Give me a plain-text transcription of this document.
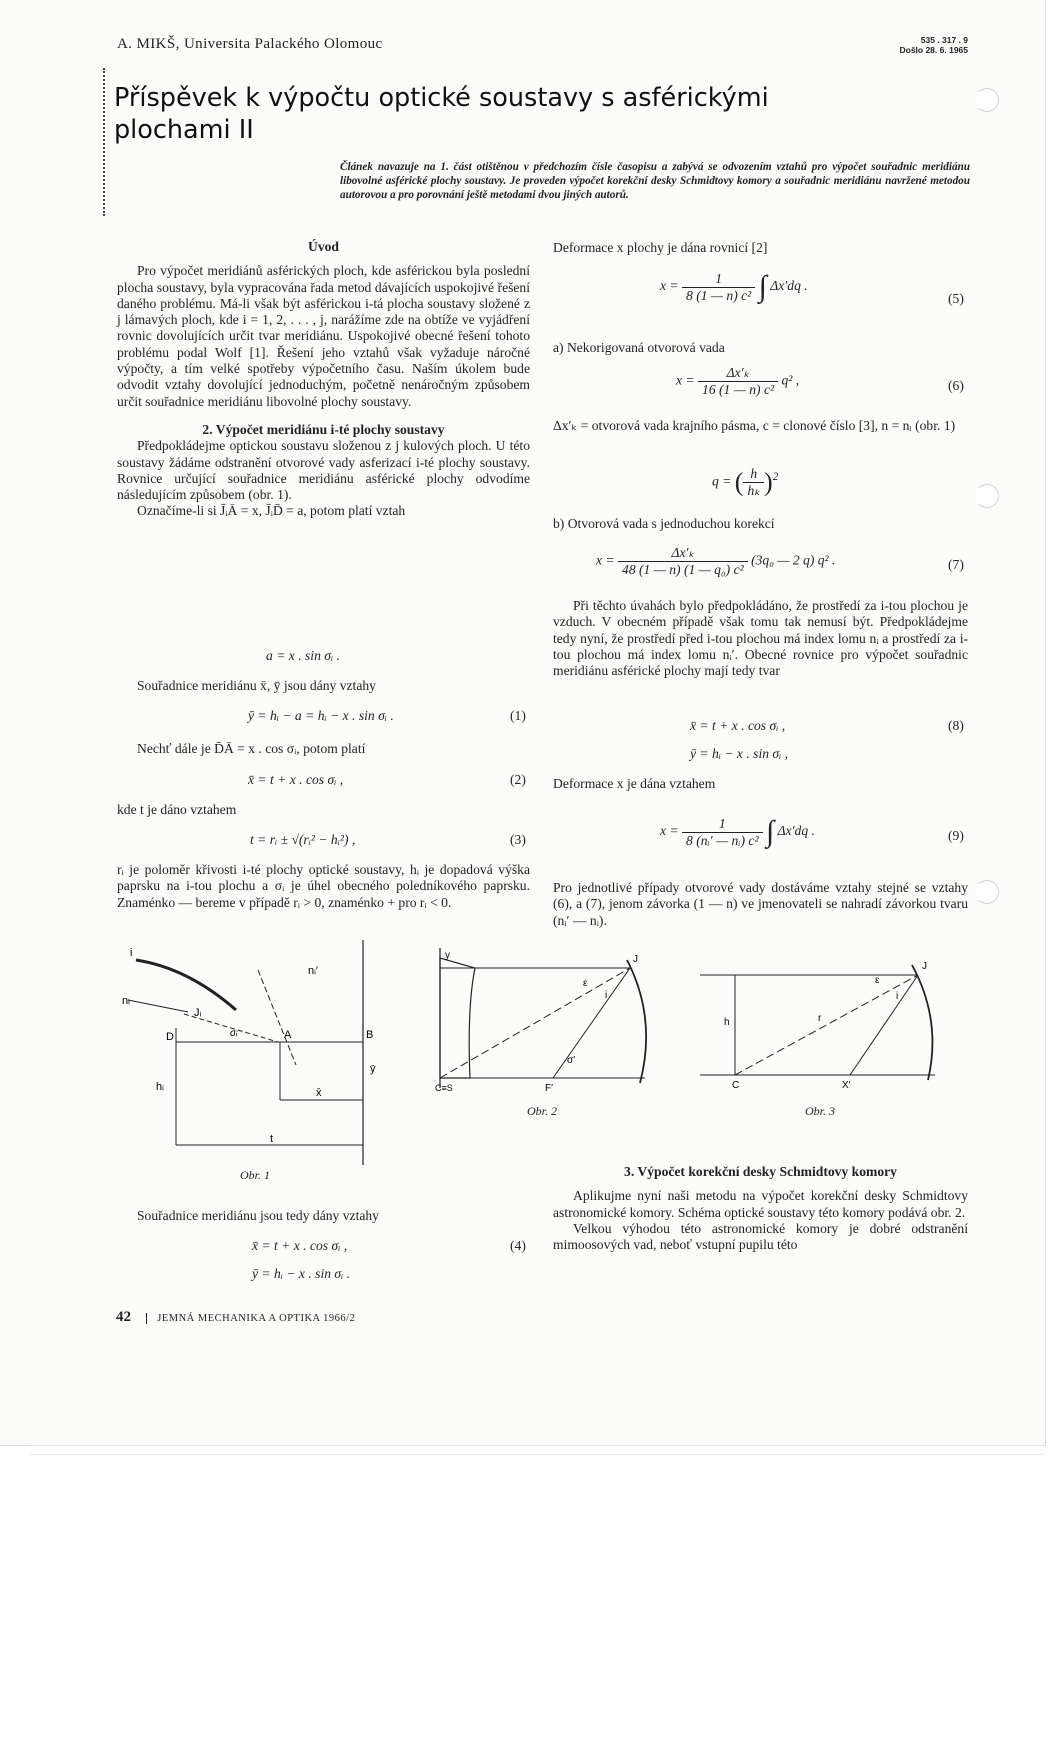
A. MIKŠ, Universita Palackého Olomouc	535 . 317 . 9
Došlo 28. 6. 1965
Příspěvek k výpočtu optické soustavy s asférickými plochami II
Článek navazuje na 1. část otištěnou v předchozím čísle časopisu a zabývá se odvozením vztahů pro výpočet souřadnic meridiánu libovolné asférické plochy soustavy. Je proveden výpočet korekční desky Schmidtovy komory a souřadnic meridiánu navržené metodou autorovou a pro porovnání ještě metodami dvou jiných autorů.

Úvod

Pro výpočet meridiánů asférických ploch, kde asférickou byla poslední plocha soustavy, byla vypracována řada metod dávajících uspokojivé řešení daného problému. Má-li však být asférickou i-tá plocha soustavy složené z j lámavých ploch, kde i = 1, 2, . . . , j, narážíme zde na obtíže ve vyjádření rovnic dovolujících určit tvar meridiánu. Uspokojivé obecné řešení tohoto problému podal Wolf [1]. Řešení jeho vztahů však vyžaduje náročné výpočty, a tím velké spotřeby výpočetního času. Naším úkolem bude odvodit vztahy dovolující jednoduchým, početně nenáročným způsobem určit souřadnice meridiánu libovolné plochy soustavy.

2. Výpočet meridiánu i-té plochy soustavy

Předpokládejme optickou soustavu složenou z j kulových ploch. U této soustavy žádáme odstranění otvorové vady asferizací i-té plochy soustavy. Rovnice určující souřadnice meridiánu asférické plochy odvodíme následujícím způsobem (obr. 1).

Označíme-li si J̄ᵢĀ = x, J̄ᵢD̄ = a, potom platí vztah

a = x . sin σᵢ .

Souřadnice meridiánu x̄, ȳ jsou dány vztahy

ȳ = hᵢ − a = hᵢ − x . sin σᵢ .	(1)

Nechť dále je D̄Ā = x . cos σᵢ, potom platí

x̄ = t + x . cos σᵢ ,	(2)

kde t je dáno vztahem

t = rᵢ ± √(rᵢ² − hᵢ²) ,	(3)

rᵢ je poloměr křivosti i-té plochy optické soustavy, hᵢ je dopadová výška paprsku na i-tou plochu a σᵢ je úhel obecného poledníkového paprsku. Znaménko — bereme v případě rᵢ > 0, znaménko + pro rᵢ < 0.

Deformace x plochy je dána rovnicí [2]

$x = \frac{1}{\text{8 (1 — n) c²}}$ ∫ Δx′dq .
(5)

a) Nekorigovaná otvorová vada

$x = \frac{\text{Δx′ₖ}}{\text{16 (1 — n) c²}} q^2$ ,	(6)

Δx′ₖ = otvorová vada krajního pásma, c = clonové číslo [3], n = nᵢ (obr. 1)

q = ( $\frac{h}{\text{hₖ}} )^2$

b) Otvorová vada s jednoduchou korekcí

$x = \frac{\text{Δx′ₖ}}{\text{48 (1 — n) (1 — q₀) c²}} (3q_0$ — 2 q) q² .	(7)

Při těchto úvahách bylo předpokládáno, že prostředí za i-tou plochou je vzduch. V obecném případě však tomu tak nemusí být. Předpokládejme tedy nyní, že prostředí před i-tou plochou má index lomu nᵢ a prostředí za i-tou plochou má index lomu nᵢ′. Obecné rovnice pro výpočet souřadnic meridiánu asférické plochy mají tedy tvar

x̄ = t + x . cos σᵢ ,	(8)
ȳ = hᵢ − x . sin σᵢ ,

Deformace x je dána vztahem

$x = \frac{1}{\text{8 (nᵢ′ — nᵢ) c²}}$ ∫ Δx′dq .	(9)

Pro jednotlivé případy otvorové vady dostáváme vztahy stejné se vztahy (6), a (7), jenom závorka (1 — n) ve jmenovateli se nahradí závorkou tvaru (nᵢ′ — nᵢ).

i
nᵢ
nᵢ′
Jᵢ
D	σᵢ	A	B
hᵢ
ȳ
x̄
t
Obr. 1
y	J
ε
i
σ′
C≡S	F′
Obr. 2
J
ε
i
r
h
C	X′
Obr. 3

Souřadnice meridiánu jsou tedy dány vztahy

x̄ = t + x . cos σᵢ ,	(4)
ȳ = hᵢ − x . sin σᵢ .

3. Výpočet korekční desky Schmidtovy komory

Aplikujme nyní naši metodu na výpočet korekční desky Schmidtovy astronomické komory. Schéma optické soustavy této komory podává obr. 2.

Velkou výhodou této astronomické komory je dobré odstranění mimoosových vad, neboť vstupní pupilu této

42	JEMNÁ MECHANIKA A OPTIKA 1966/2
